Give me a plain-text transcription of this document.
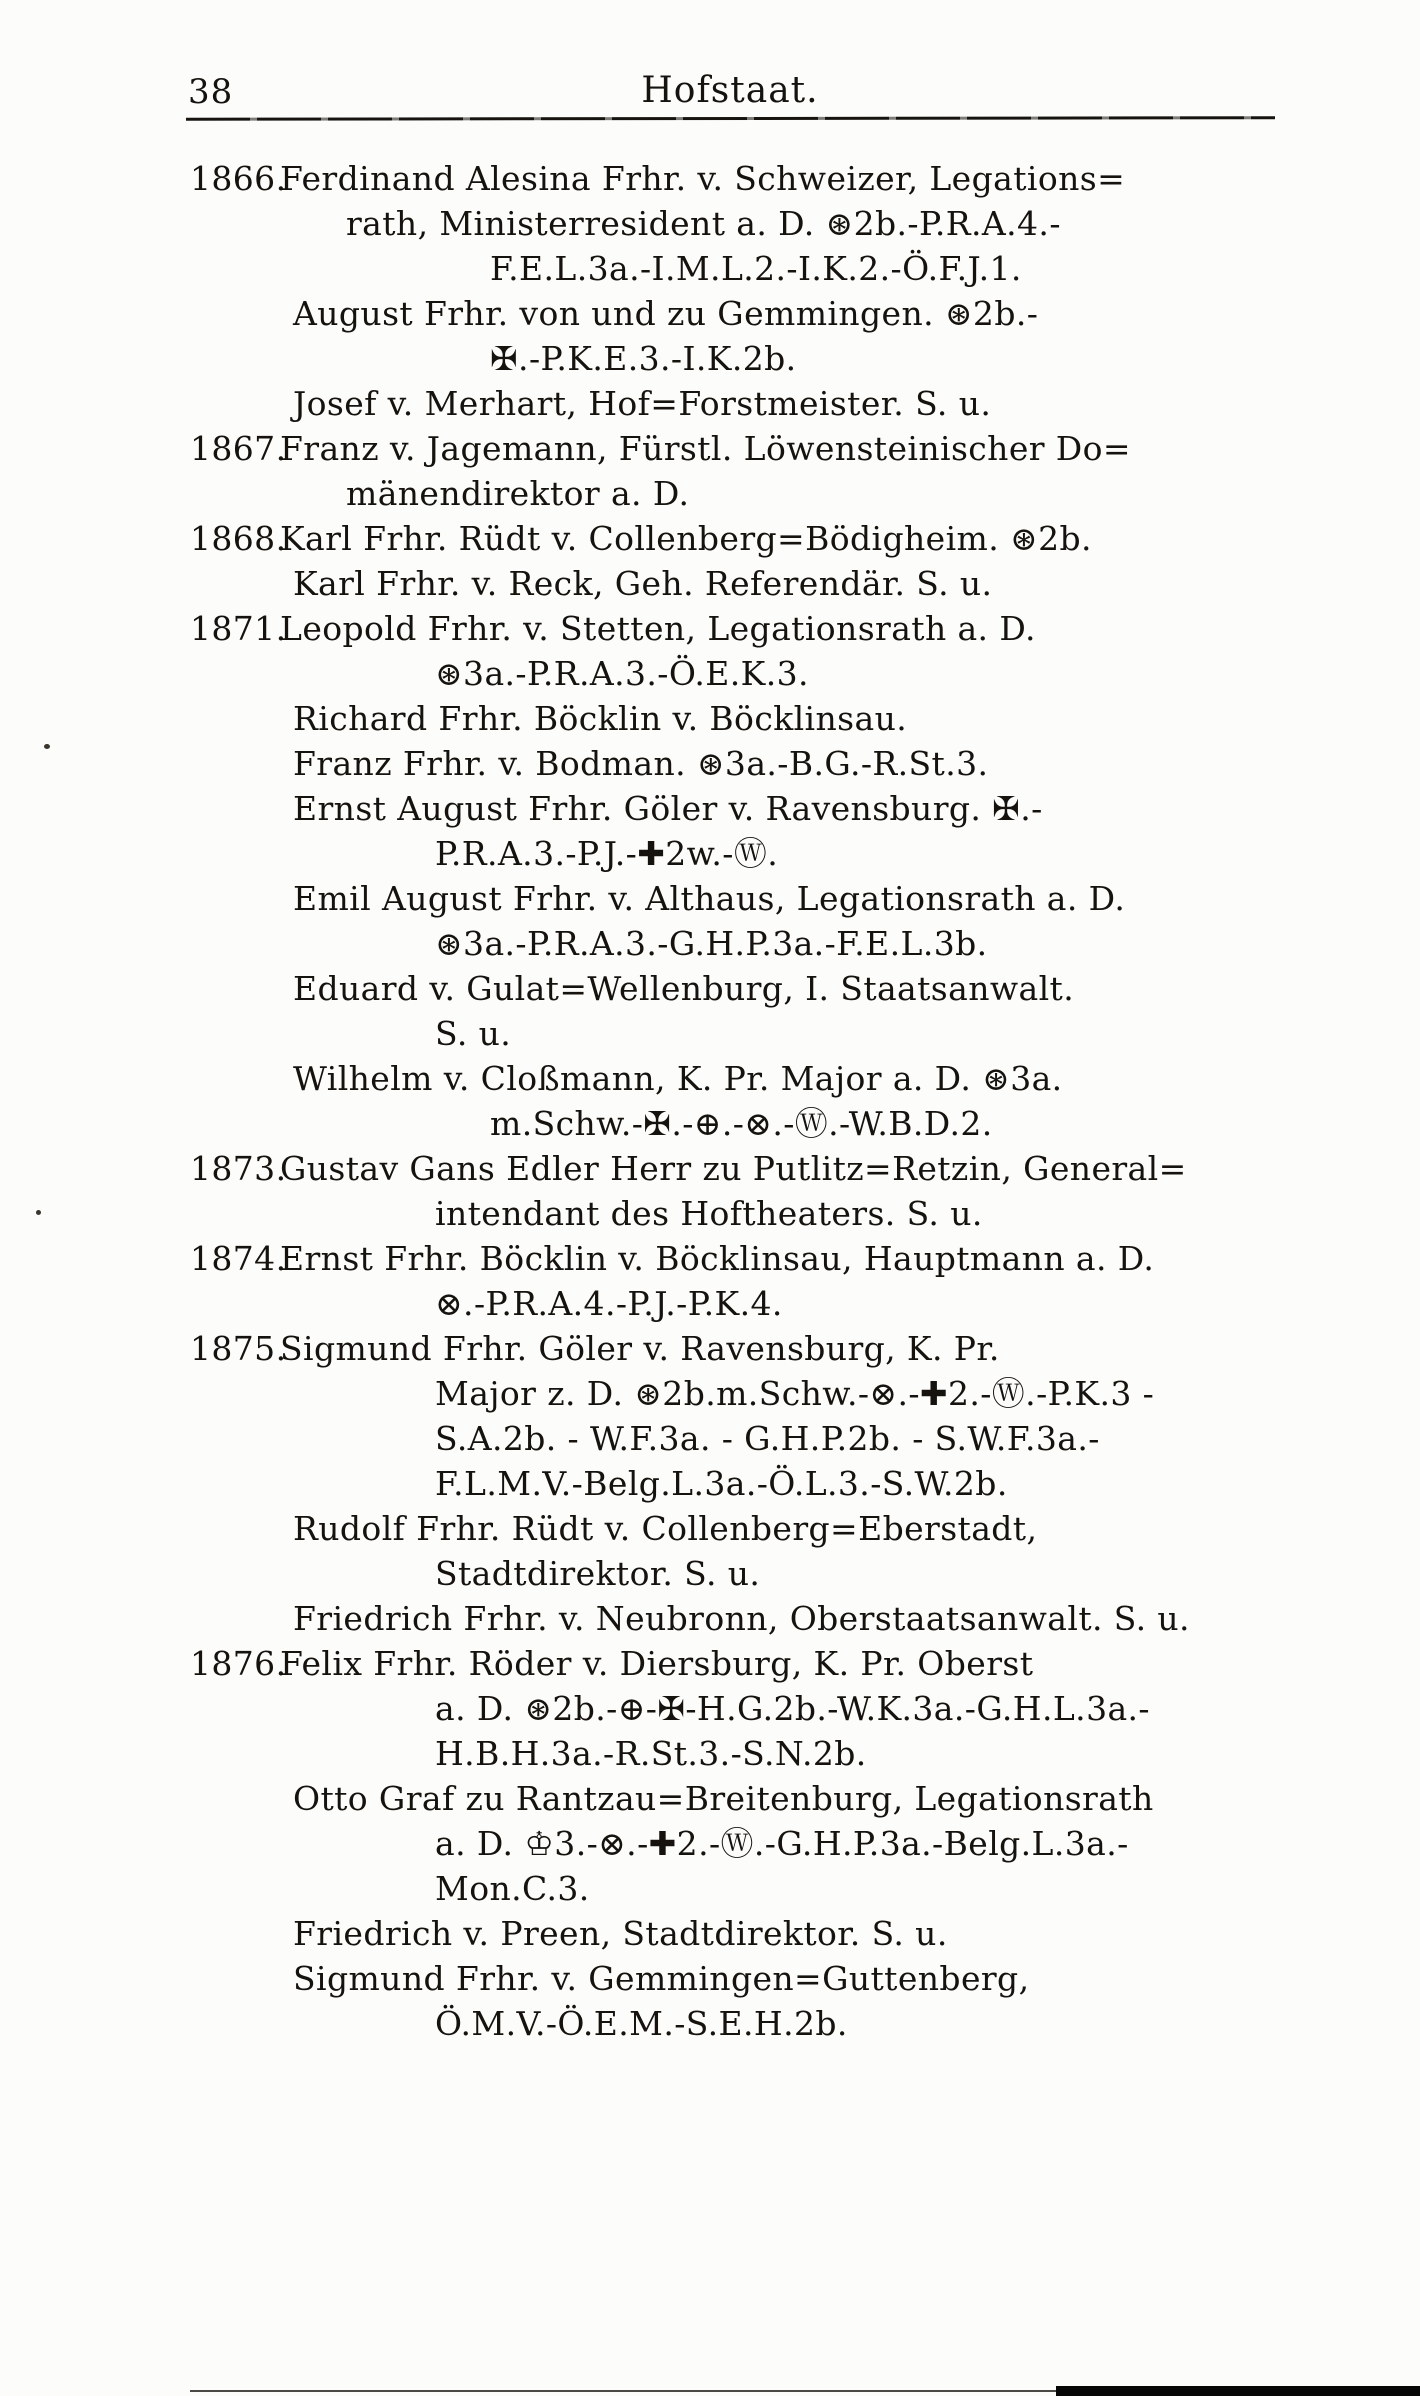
38	Hofstaat.
1866.Ferdinand Alesina Frhr. v. Schweizer, Legations=
rath, Ministerresident a. D. ⊛2b.-P.R.A.4.-
F.E.L.3a.-I.M.L.2.-I.K.2.-Ö.F.J.1.
August Frhr. von und zu Gemmingen. ⊛2b.-
✠.-P.K.E.3.-I.K.2b.
Josef v. Merhart, Hof=Forstmeister. S. u.
1867.Franz v. Jagemann, Fürstl. Löwensteinischer Do=
mänendirektor a. D.
1868.Karl Frhr. Rüdt v. Collenberg=Bödigheim. ⊛2b.
Karl Frhr. v. Reck, Geh. Referendär. S. u.
1871.Leopold Frhr. v. Stetten, Legationsrath a. D.
⊛3a.-P.R.A.3.-Ö.E.K.3.
Richard Frhr. Böcklin v. Böcklinsau.
Franz Frhr. v. Bodman. ⊛3a.-B.G.-R.St.3.
Ernst August Frhr. Göler v. Ravensburg. ✠.-
P.R.A.3.-P.J.-✚2w.-Ⓦ.
Emil August Frhr. v. Althaus, Legationsrath a. D.
⊛3a.-P.R.A.3.-G.H.P.3a.-F.E.L.3b.
Eduard v. Gulat=Wellenburg, I. Staatsanwalt.
S. u.
Wilhelm v. Cloßmann, K. Pr. Major a. D. ⊛3a.
m.Schw.-✠.-⊕.-⊗.-Ⓦ.-W.B.D.2.
1873.Gustav Gans Edler Herr zu Putlitz=Retzin, General=
intendant des Hoftheaters. S. u.
1874.Ernst Frhr. Böcklin v. Böcklinsau, Hauptmann a. D.
⊗.-P.R.A.4.-P.J.-P.K.4.
1875.Sigmund Frhr. Göler v. Ravensburg, K. Pr.
Major z. D. ⊛2b.m.Schw.-⊗.-✚2.-Ⓦ.-P.K.3 -
S.A.2b. - W.F.3a. - G.H.P.2b. - S.W.F.3a.-
F.L.M.V.-Belg.L.3a.-Ö.L.3.-S.W.2b.
Rudolf Frhr. Rüdt v. Collenberg=Eberstadt,
Stadtdirektor. S. u.
Friedrich Frhr. v. Neubronn, Oberstaatsanwalt. S. u.
1876.Felix Frhr. Röder v. Diersburg, K. Pr. Oberst
a. D. ⊛2b.-⊕-✠-H.G.2b.-W.K.3a.-G.H.L.3a.-
H.B.H.3a.-R.St.3.-S.N.2b.
Otto Graf zu Rantzau=Breitenburg, Legationsrath
a. D. ♔3.-⊗.-✚2.-Ⓦ.-G.H.P.3a.-Belg.L.3a.-
Mon.C.3.
Friedrich v. Preen, Stadtdirektor. S. u.
Sigmund Frhr. v. Gemmingen=Guttenberg,
Ö.M.V.-Ö.E.M.-S.E.H.2b.
